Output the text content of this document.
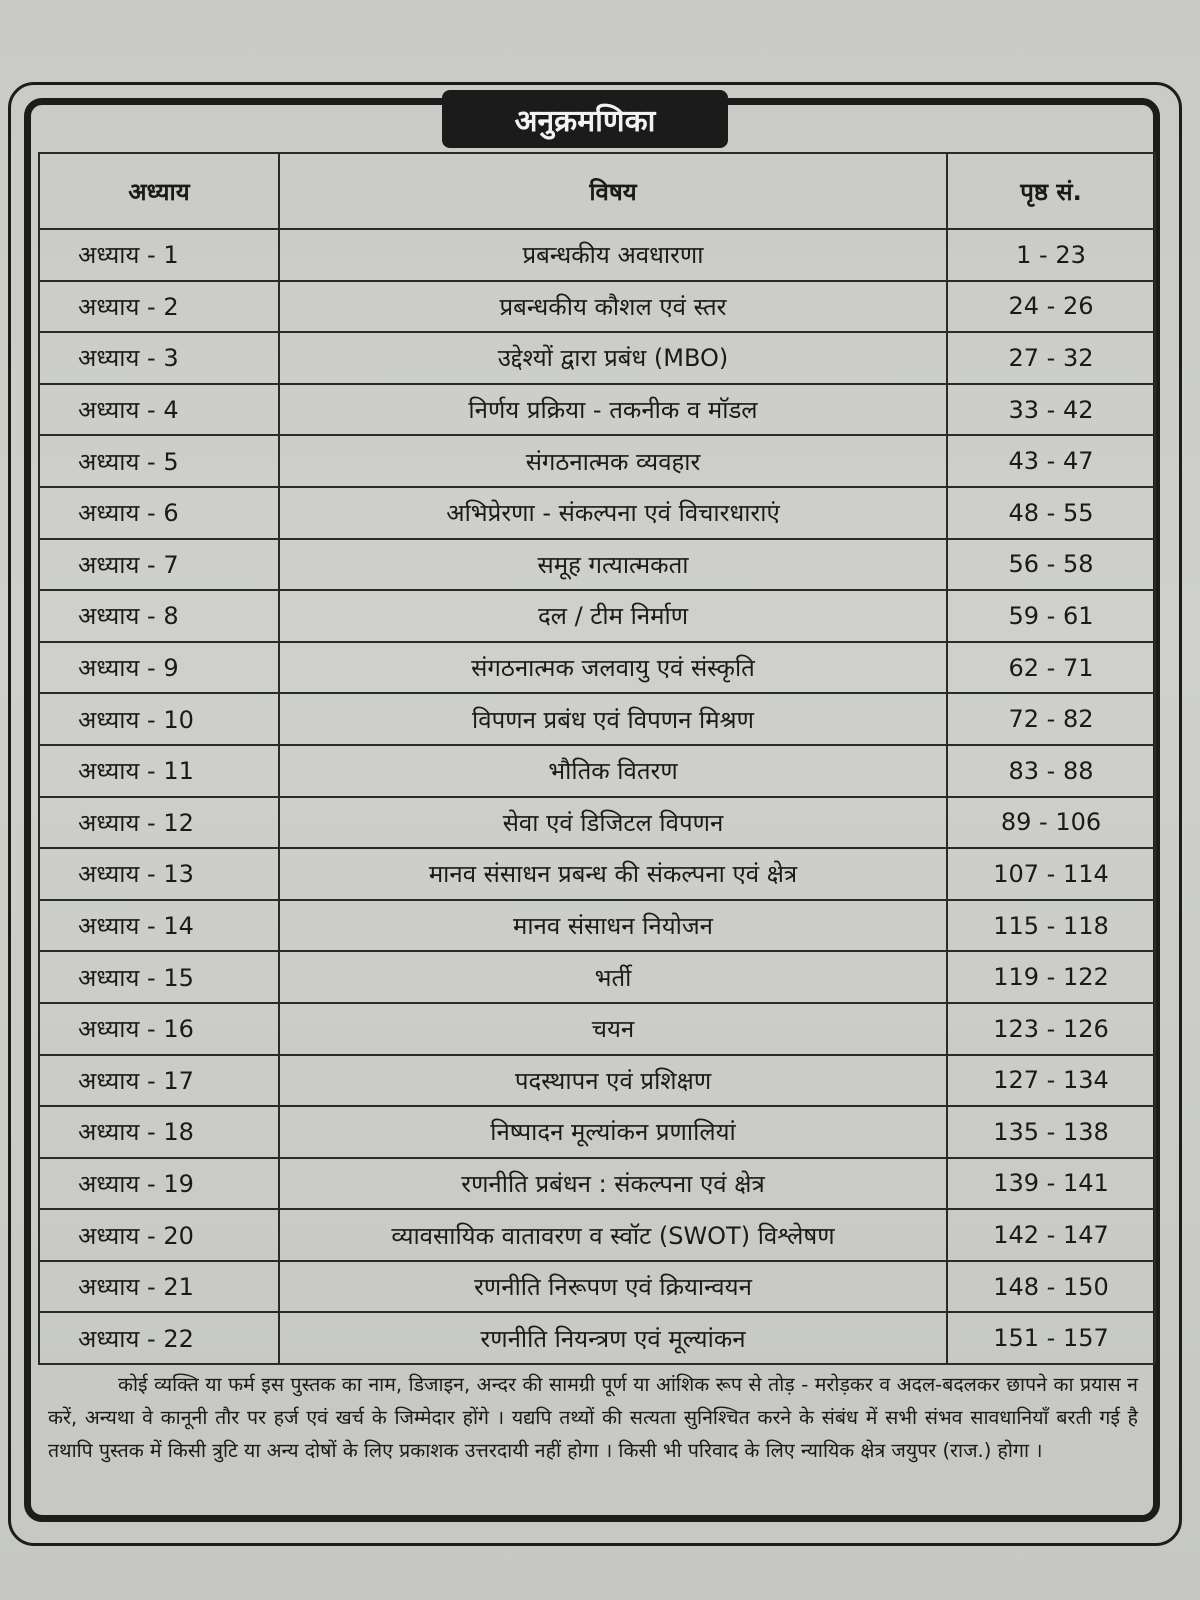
अनुक्रमणिका
अध्याय	विषय	पृष्ठ सं.
अध्याय - 1	प्रबन्धकीय अवधारणा	1 - 23
अध्याय - 2	प्रबन्धकीय कौशल एवं स्तर	24 - 26
अध्याय - 3	उद्देश्यों द्वारा प्रबंध (MBO)	27 - 32
अध्याय - 4	निर्णय प्रक्रिया - तकनीक व मॉडल	33 - 42
अध्याय - 5	संगठनात्मक व्यवहार	43 - 47
अध्याय - 6	अभिप्रेरणा - संकल्पना एवं विचारधाराएं	48 - 55
अध्याय - 7	समूह गत्यात्मकता	56 - 58
अध्याय - 8	दल / टीम निर्माण	59 - 61
अध्याय - 9	संगठनात्मक जलवायु एवं संस्कृति	62 - 71
अध्याय - 10	विपणन प्रबंध एवं विपणन मिश्रण	72 - 82
अध्याय - 11	भौतिक वितरण	83 - 88
अध्याय - 12	सेवा एवं डिजिटल विपणन	89 - 106
अध्याय - 13	मानव संसाधन प्रबन्ध की संकल्पना एवं क्षेत्र	107 - 114
अध्याय - 14	मानव संसाधन नियोजन	115 - 118
अध्याय - 15	भर्ती	119 - 122
अध्याय - 16	चयन	123 - 126
अध्याय - 17	पदस्थापन एवं प्रशिक्षण	127 - 134
अध्याय - 18	निष्पादन मूल्यांकन प्रणालियां	135 - 138
अध्याय - 19	रणनीति प्रबंधन : संकल्पना एवं क्षेत्र	139 - 141
अध्याय - 20	व्यावसायिक वातावरण व स्वॉट (SWOT) विश्लेषण	142 - 147
अध्याय - 21	रणनीति निरूपण एवं क्रियान्वयन	148 - 150
अध्याय - 22	रणनीति नियन्त्रण एवं मूल्यांकन	151 - 157
कोई व्यक्ति या फर्म इस पुस्तक का नाम, डिजाइन, अन्दर की सामग्री पूर्ण या आंशिक रूप से तोड़ - मरोड़कर व अदल-बदलकर छापने का प्रयास न करें, अन्यथा वे कानूनी तौर पर हर्ज एवं खर्च के जिम्मेदार होंगे । यद्यपि तथ्यों की सत्यता सुनिश्चित करने के संबंध में सभी संभव सावधानियाँ बरती गई है तथापि पुस्तक में किसी त्रुटि या अन्य दोषों के लिए प्रकाशक उत्तरदायी नहीं होगा । किसी भी परिवाद के लिए न्यायिक क्षेत्र जयुपर (राज.) होगा ।
